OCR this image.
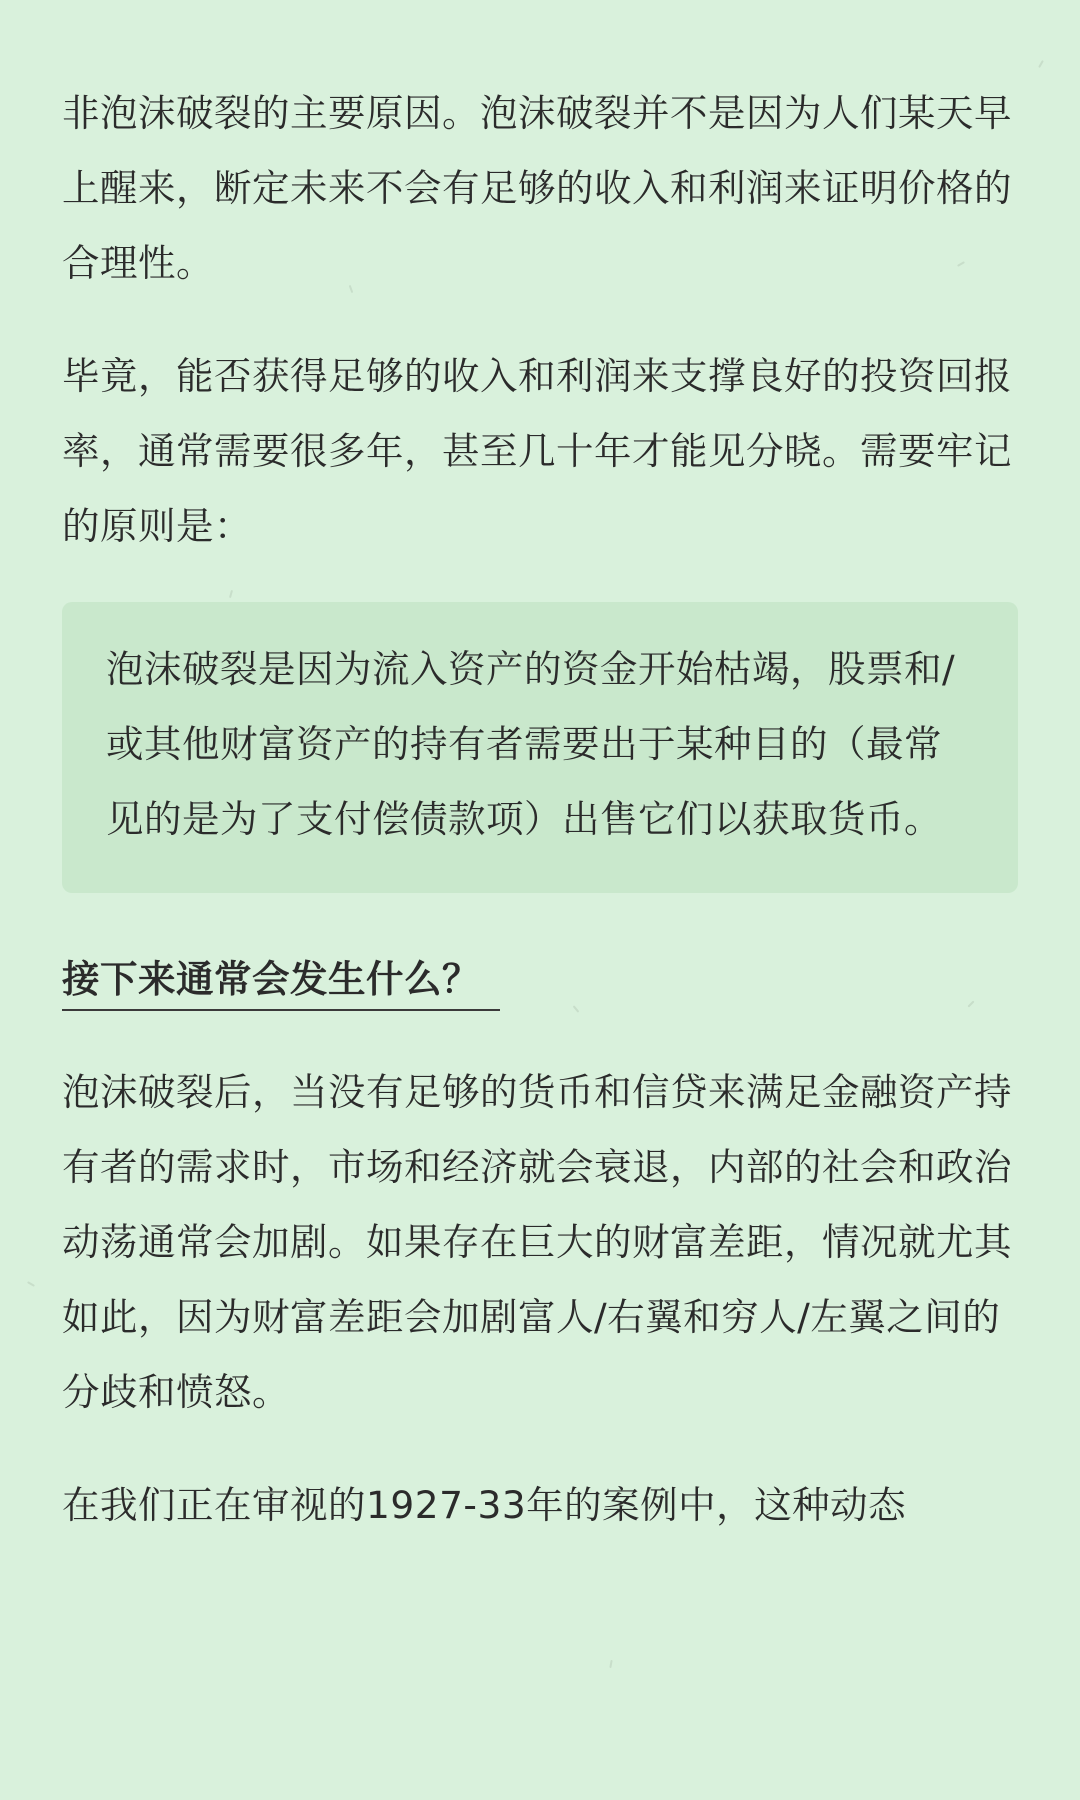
非泡沫破裂的主要原因。泡沫破裂并不是因为人们某天早上醒来，断定未来不会有足够的收入和利润来证明价格的合理性。

毕竟，能否获得足够的收入和利润来支撑良好的投资回报率，通常需要很多年，甚至几十年才能见分晓。需要牢记的原则是：

泡沫破裂是因为流入资产的资金开始枯竭，股票和/或其他财富资产的持有者需要出于某种目的（最常见的是为了支付偿债款项）出售它们以获取货币。

接下来通常会发生什么？

泡沫破裂后，当没有足够的货币和信贷来满足金融资产持有者的需求时，市场和经济就会衰退，内部的社会和政治动荡通常会加剧。如果存在巨大的财富差距，情况就尤其如此，因为财富差距会加剧富人/右翼和穷人/左翼之间的分歧和愤怒。

在我们正在审视的1927-33年的案例中，这种动态
